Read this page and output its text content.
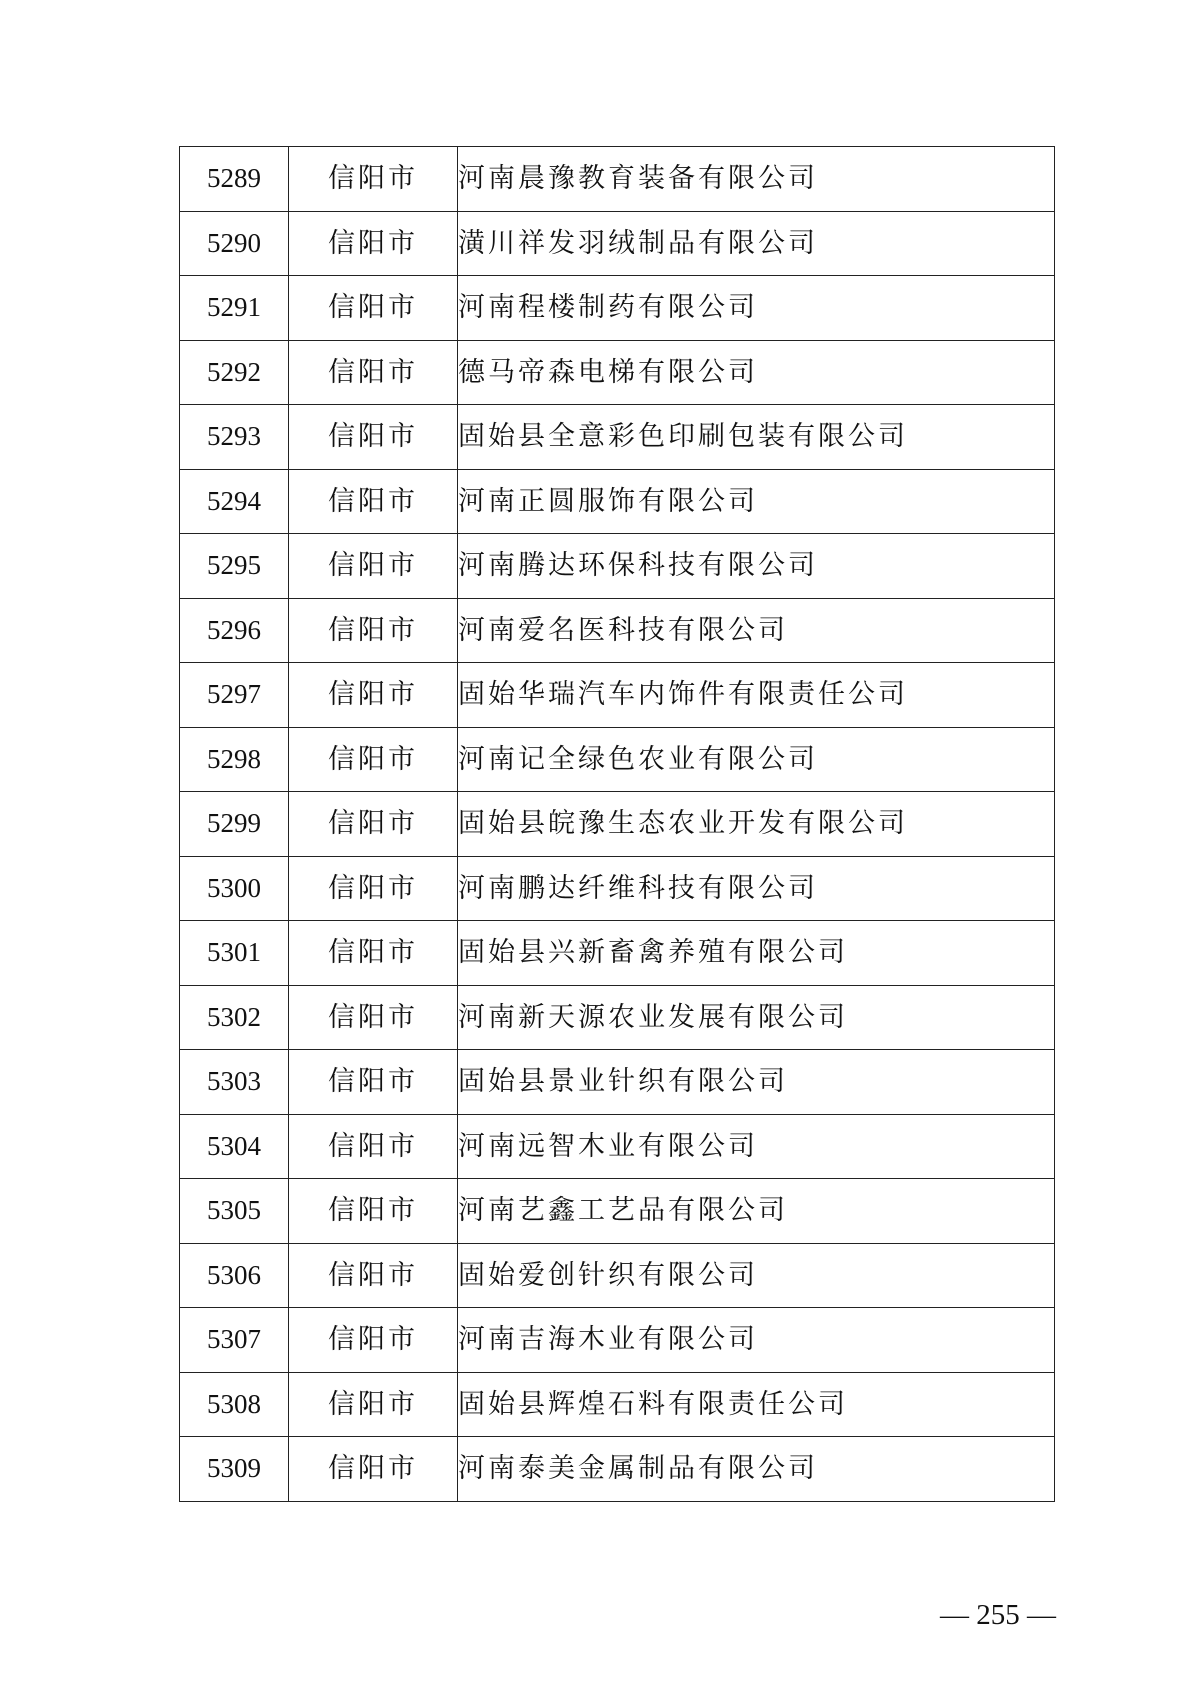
5289	信阳市	河南晨豫教育装备有限公司
5290	信阳市	潢川祥发羽绒制品有限公司
5291	信阳市	河南程楼制药有限公司
5292	信阳市	德马帝森电梯有限公司
5293	信阳市	固始县全意彩色印刷包装有限公司
5294	信阳市	河南正圆服饰有限公司
5295	信阳市	河南腾达环保科技有限公司
5296	信阳市	河南爱名医科技有限公司
5297	信阳市	固始华瑞汽车内饰件有限责任公司
5298	信阳市	河南记全绿色农业有限公司
5299	信阳市	固始县皖豫生态农业开发有限公司
5300	信阳市	河南鹏达纤维科技有限公司
5301	信阳市	固始县兴新畜禽养殖有限公司
5302	信阳市	河南新天源农业发展有限公司
5303	信阳市	固始县景业针织有限公司
5304	信阳市	河南远智木业有限公司
5305	信阳市	河南艺鑫工艺品有限公司
5306	信阳市	固始爱创针织有限公司
5307	信阳市	河南吉海木业有限公司
5308	信阳市	固始县辉煌石料有限责任公司
5309	信阳市	河南泰美金属制品有限公司
— 255 —
